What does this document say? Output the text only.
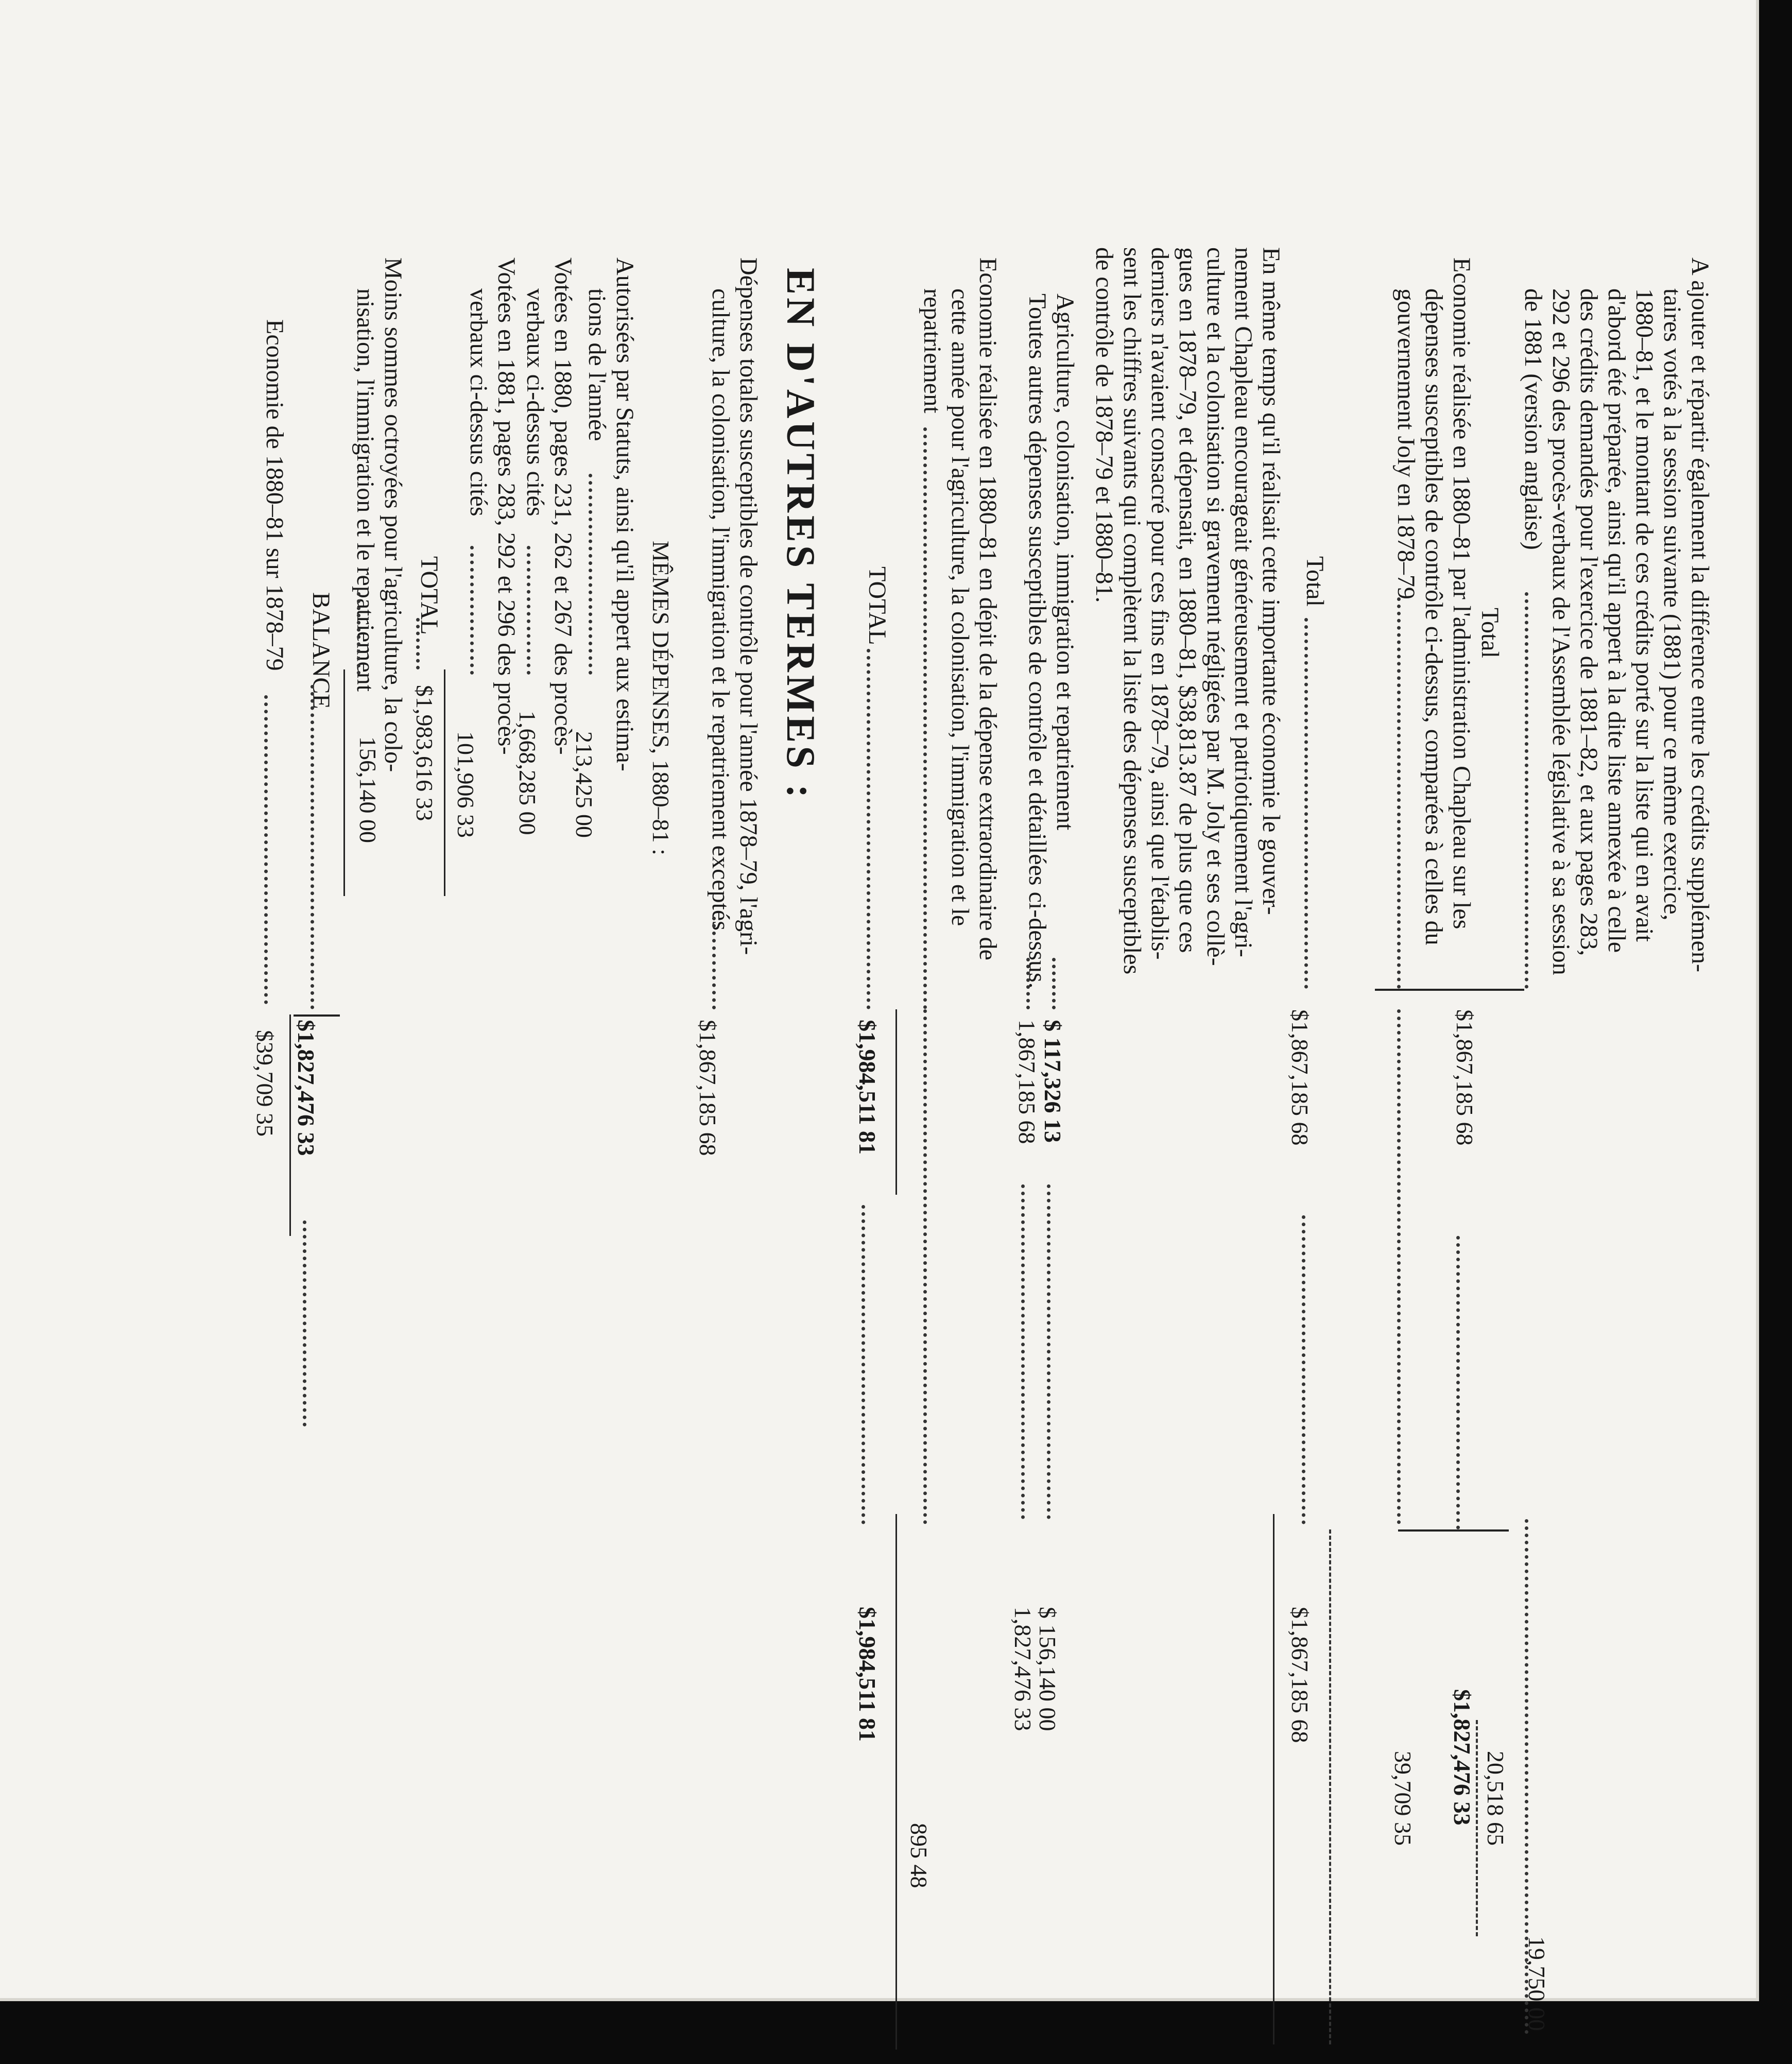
A ajouter et répartir également la différence entre les crédits supplémen-
taires votés à la session suivante (1881) pour ce même exercice,
1880–81, et le montant de ces crédits porté sur la liste qui en avait
d'abord été préparée, ainsi qu'il appert à la dite liste annexée à celle
des crédits demandés pour l'exercice de 1881–82, et aux pages 283,
292 et 296 des procès-verbaux de l'Assemblée législative à sa session
de 1881 (version anglaise)
19,750 00
Total
20,518 65
$1,827,476 33
Economie réalisée en 1880–81 par l'administration Chapleau sur les
dépenses susceptibles de contrôle ci-dessus, comparées à celles du
gouvernement Joly en 1878–79
$1,867,185 68
39,709 35
Total
$1,867,185 68
$1,867,185 68
En même temps qu'il réalisait cette importante économie le gouver-
nement Chapleau encourageait généreusement et patriotiquement l'agri-
culture et la colonisation si gravement négligées par M. Joly et ses collè-
gues en 1878–79, et dépensait, en 1880–81, $38,813.87 de plus que ces
derniers n'avaient consacré pour ces fins en 1878–79, ainsi que l'établis-
sent les chiffres suivants qui complètent la liste des dépenses susceptibles
de contrôle de 1878–79 et 1880–81.
Agriculture, colonisation, immigration et repatriement
$ 117,326 13
$ 156,140 00
Toutes autres dépenses susceptibles de contrôle et détaillées ci-dessus.
1,867,185 68
1,827,476 33
Economie réalisée en 1880–81 en dépit de la dépense extraordinaire de
cette année pour l'agriculture, la colonisation, l'immigration et le
repatriement
895 48
TOTAL
$1,984,511 81
$1,984,511 81
EN D'AUTRES TERMES :
Dépenses totales susceptibles de contrôle pour l'année 1878–79, l'agri-
culture, la colonisation, l'immigration et le repatriement exceptés
$1,867,185 68
MÊMES DÉPENSES, 1880–81 :
Autorisées par Statuts, ainsi qu'il appert aux estima-
tions de l'année
213,425 00
Votées en 1880, pages 231, 262 et 267 des procès-
verbaux ci-dessus cités
1,668,285 00
Votées en 1881, pages 283, 292 et 296 des procès-
verbaux ci-dessus cités
101,906 33
TOTAL
$1,983,616 33
Moins sommes octroyées pour l'agriculture, la colo-
nisation, l'immigration et le repatriement
156,140 00
BALANCE
$1,827,476 33
Economie de 1880–81 sur 1878–79
$39,709 35
